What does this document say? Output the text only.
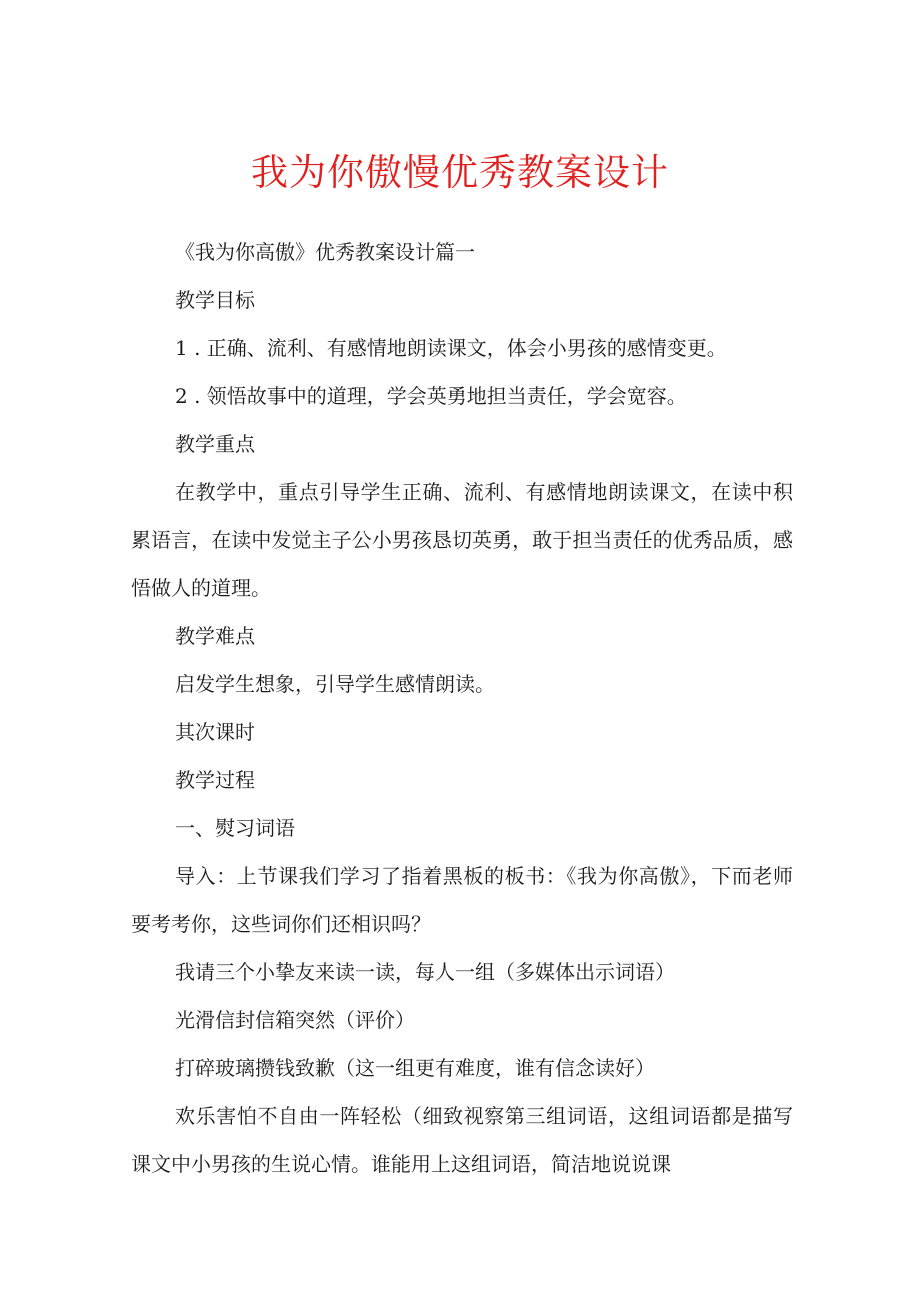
我为你傲慢优秀教案设计

《我为你高傲》优秀教案设计篇一

教学目标

1 . 正确、流利、有感情地朗读课文，体会小男孩的感情变更。

2 . 领悟故事中的道理，学会英勇地担当责任，学会宽容。

教学重点

在教学中，重点引导学生正确、流利、有感情地朗读课文，在读中积累语言，在读中发觉主子公小男孩恳切英勇，敢于担当责任的优秀品质，感悟做人的道理。

教学难点

启发学生想象，引导学生感情朗读。

其次课时

教学过程

一、熨习词语

导入：上节课我们学习了指着黑板的板书：《我为你高傲》，下而老师要考考你，这些词你们还相识吗？

我请三个小挚友来读一读，每人一组（多媒体出示词语）

光滑信封信箱突然（评价）

打碎玻璃攒钱致歉（这一组更有难度，谁有信念读好）

欢乐害怕不自由一阵轻松（细致视察第三组词语，这组词语都是描写课文中小男孩的生说心情。谁能用上这组词语，简洁地说说课
